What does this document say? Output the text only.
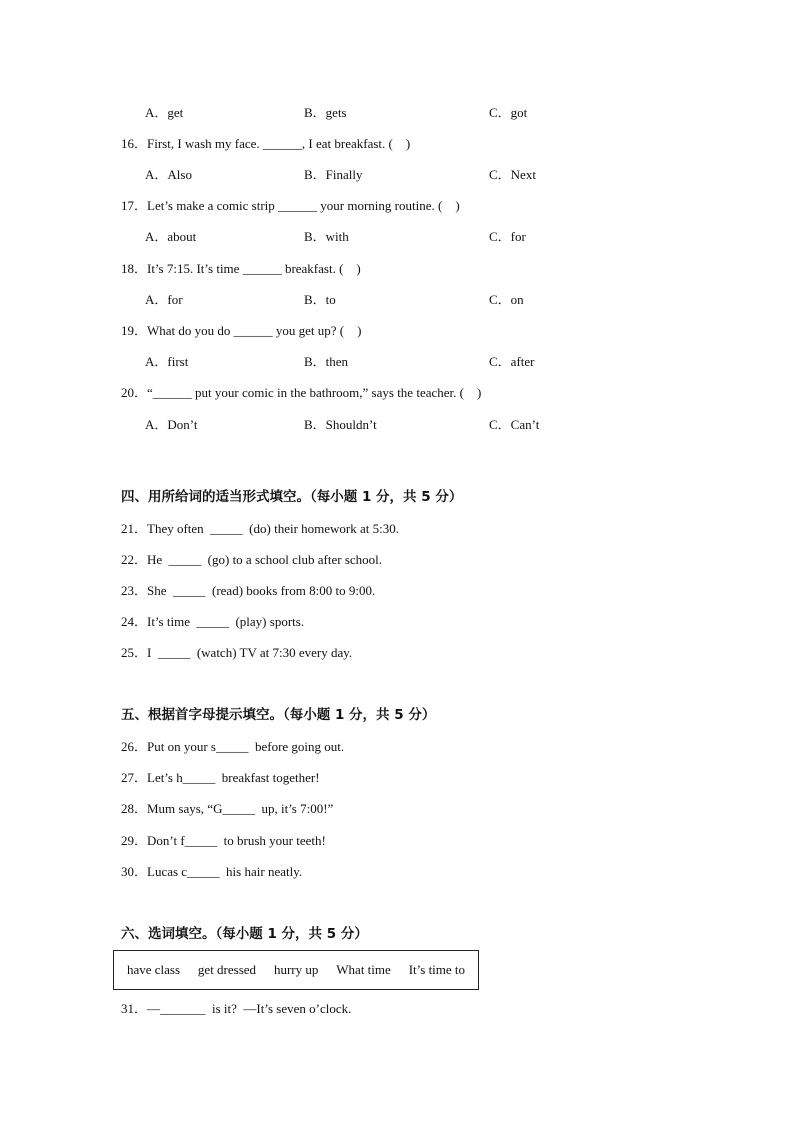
A．get	B．gets	C．got
16．First, I wash my face. ______, I eat breakfast. (    )
A．Also	B．Finally	C．Next
17．Let’s make a comic strip ______ your morning routine. (    )
A．about	B．with	C．for
18．It’s 7:15. It’s time ______ breakfast. (    )
A．for	B．to	C．on
19．What do you do ______ you get up? (    )
A．first	B．then	C．after
20．“______ put your comic in the bathroom,” says the teacher. (    )
A．Don’t	B．Shouldn’t	C．Can’t
四、用所给词的适当形式填空。（每小题 1 分，共 5 分）
21．They often  _____  (do) their homework at 5:30.
22．He  _____  (go) to a school club after school.
23．She  _____  (read) books from 8:00 to 9:00.
24．It’s time  _____  (play) sports.
25．I  _____  (watch) TV at 7:30 every day.
五、根据首字母提示填空。（每小题 1 分，共 5 分）
26．Put on your s_____  before going out.
27．Let’s h_____  breakfast together!
28．Mum says, “G_____  up, it’s 7:00!”
29．Don’t f_____  to brush your teeth!
30．Lucas c_____  his hair neatly.
六、选词填空。（每小题 1 分，共 5 分）
have class get dressed hurry up What time It’s time to
31．—_______  is it?  —It’s seven o’clock.
